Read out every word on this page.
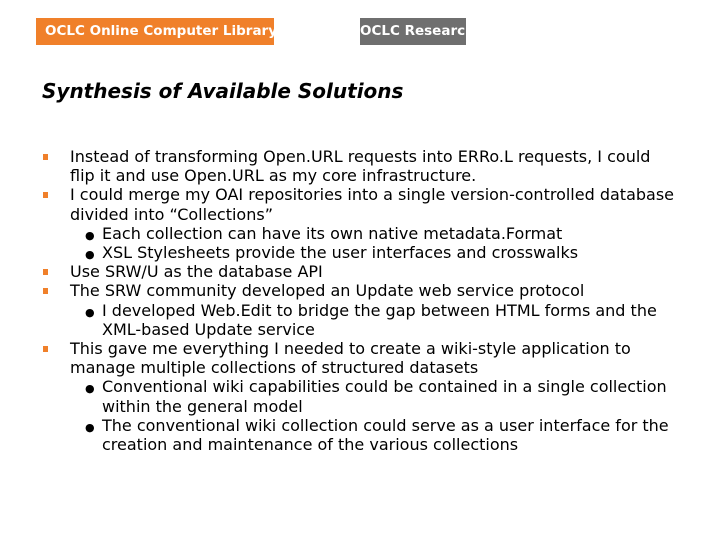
OCLC Online Computer Library Center OCLC Research
Synthesis of Available Solutions
Instead of transforming Open.URL requests into ERRo.L requests, I could flip it and use Open.URL as my core infrastructure.
I could merge my OAI repositories into a single version-controlled database divided into “Collections”
● Each collection can have its own native metadata.Format
● XSL Stylesheets provide the user interfaces and crosswalks
Use SRW/U as the database API
The SRW community developed an Update web service protocol
● I developed Web.Edit to bridge the gap between HTML forms and the XML-based Update service
This gave me everything I needed to create a wiki-style application to manage multiple collections of structured datasets
● Conventional wiki capabilities could be contained in a single collection within the general model
● The conventional wiki collection could serve as a user interface for the creation and maintenance of the various collections
